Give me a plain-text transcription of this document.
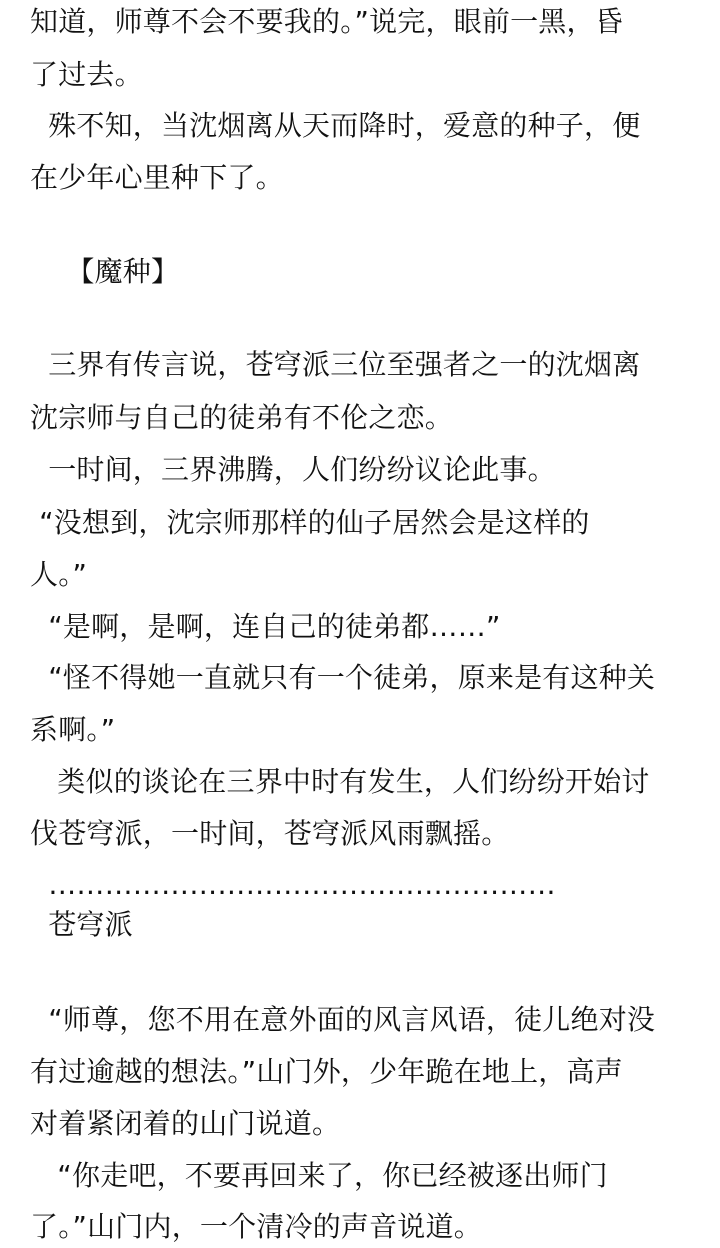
知道，师尊不会不要我的。”说完，眼前一黑，昏
了过去。
殊不知，当沈烟离从天而降时，爱意的种子，便
在少年心里种下了。
【魔种】
三界有传言说，苍穹派三位至强者之一的沈烟离
沈宗师与自己的徒弟有不伦之恋。
一时间，三界沸腾，人们纷纷议论此事。
“没想到，沈宗师那样的仙子居然会是这样的
人。”
“是啊，是啊，连自己的徒弟都……”
“怪不得她一直就只有一个徒弟，原来是有这种关
系啊。”
类似的谈论在三界中时有发生，人们纷纷开始讨
伐苍穹派，一时间，苍穹派风雨飘摇。
………………………………………………
苍穹派
“师尊，您不用在意外面的风言风语，徒儿绝对没
有过逾越的想法。”山门外，少年跪在地上，高声
对着紧闭着的山门说道。
“你走吧，不要再回来了，你已经被逐出师门
了。”山门内，一个清冷的声音说道。
